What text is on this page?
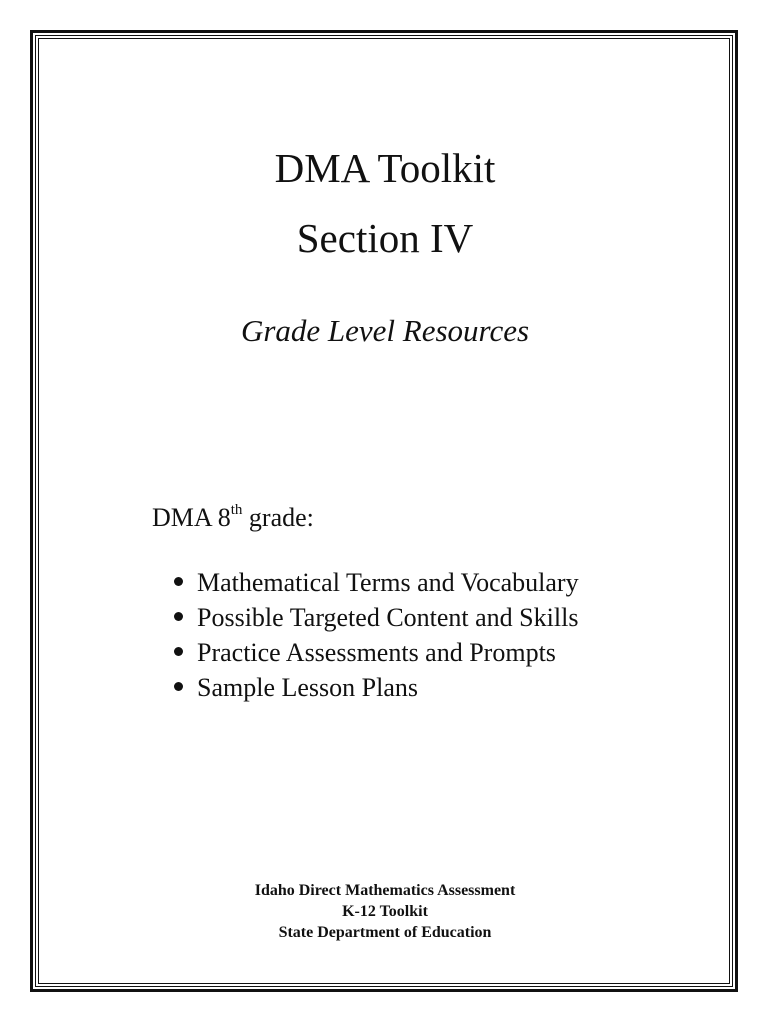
DMA Toolkit
Section IV
Grade Level Resources
DMA 8th grade:
Mathematical Terms and Vocabulary
Possible Targeted Content and Skills
Practice Assessments and Prompts
Sample Lesson Plans
Idaho Direct Mathematics Assessment
K-12 Toolkit
State Department of Education
